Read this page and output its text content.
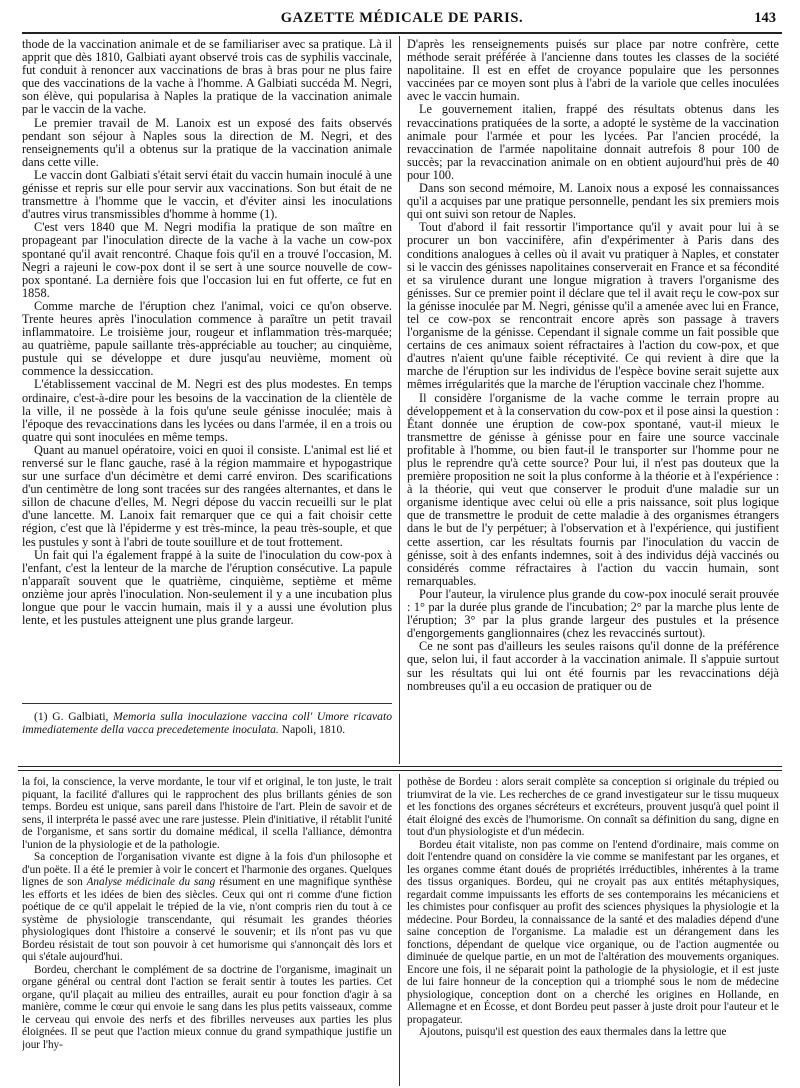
GAZETTE MÉDICALE DE PARIS.	143

thode de la vaccination animale et de se familiariser avec sa pratique. Là il apprit que dès 1810, Galbiati ayant observé trois cas de syphilis vaccinale, fut conduit à renoncer aux vaccinations de bras à bras pour ne plus faire que des vaccinations de la vache à l'homme. A Galbiati succéda M. Negri, son élève, qui popularisa à Naples la pratique de la vaccination animale par le vaccin de la vache.

Le premier travail de M. Lanoix est un exposé des faits observés pendant son séjour à Naples sous la direction de M. Negri, et des renseignements qu'il a obtenus sur la pratique de la vaccination animale dans cette ville.

Le vaccin dont Galbiati s'était servi était du vaccin humain inoculé à une génisse et repris sur elle pour servir aux vaccinations. Son but était de ne transmettre à l'homme que le vaccin, et d'éviter ainsi les inoculations d'autres virus transmissibles d'homme à homme (1).

C'est vers 1840 que M. Negri modifia la pratique de son maître en propageant par l'inoculation directe de la vache à la vache un cow-pox spontané qu'il avait rencontré. Chaque fois qu'il en a trouvé l'occasion, M. Negri a rajeuni le cow-pox dont il se sert à une source nouvelle de cow-pox spontané. La dernière fois que l'occasion lui en fut offerte, ce fut en 1858.

Comme marche de l'éruption chez l'animal, voici ce qu'on observe. Trente heures après l'inoculation commence à paraître un petit travail inflammatoire. Le troisième jour, rougeur et inflammation très-marquée; au quatrième, papule saillante très-appréciable au toucher; au cinquième, pustule qui se développe et dure jusqu'au neuvième, moment où commence la dessiccation.

L'établissement vaccinal de M. Negri est des plus modestes. En temps ordinaire, c'est-à-dire pour les besoins de la vaccination de la clientèle de la ville, il ne possède à la fois qu'une seule génisse inoculée; mais à l'époque des revaccinations dans les lycées ou dans l'armée, il en a trois ou quatre qui sont inoculées en même temps.

Quant au manuel opératoire, voici en quoi il consiste. L'animal est lié et renversé sur le flanc gauche, rasé à la région mammaire et hypogastrique sur une surface d'un décimètre et demi carré environ. Des scarifications d'un centimètre de long sont tracées sur des rangées alternantes, et dans le sillon de chacune d'elles, M. Negri dépose du vaccin recueilli sur le plat d'une lancette. M. Lanoix fait remarquer que ce qui a fait choisir cette région, c'est que là l'épiderme y est très-mince, la peau très-souple, et que les pustules y sont à l'abri de toute souillure et de tout frottement.

Un fait qui l'a également frappé à la suite de l'inoculation du cow-pox à l'enfant, c'est la lenteur de la marche de l'éruption consécutive. La papule n'apparaît souvent que le quatrième, cinquième, septième et même onzième jour après l'inoculation. Non-seulement il y a une incubation plus longue que pour le vaccin humain, mais il y a aussi une évolution plus lente, et les pustules atteignent une plus grande largeur.

(1) G. Galbiati, Memoria sulla inoculazione vaccina coll' Umore ricavato immediatemente della vacca precedetemente inoculata. Napoli, 1810.

D'après les renseignements puisés sur place par notre confrère, cette méthode serait préférée à l'ancienne dans toutes les classes de la société napolitaine. Il est en effet de croyance populaire que les personnes vaccinées par ce moyen sont plus à l'abri de la variole que celles inoculées avec le vaccin humain.

Le gouvernement italien, frappé des résultats obtenus dans les revaccinations pratiquées de la sorte, a adopté le système de la vaccination animale pour l'armée et pour les lycées. Par l'ancien procédé, la revaccination de l'armée napolitaine donnait autrefois 8 pour 100 de succès; par la revaccination animale on en obtient aujourd'hui près de 40 pour 100.

Dans son second mémoire, M. Lanoix nous a exposé les connaissances qu'il a acquises par une pratique personnelle, pendant les six premiers mois qui ont suivi son retour de Naples.

Tout d'abord il fait ressortir l'importance qu'il y avait pour lui à se procurer un bon vaccinifère, afin d'expérimenter à Paris dans des conditions analogues à celles où il avait vu pratiquer à Naples, et constater si le vaccin des génisses napolitaines conserverait en France et sa fécondité et sa virulence durant une longue migration à travers l'organisme des génisses. Sur ce premier point il déclare que tel il avait reçu le cow-pox sur la génisse inoculée par M. Negri, génisse qu'il a amenée avec lui en France, tel ce cow-pox se rencontrait encore après son passage à travers l'organisme de la génisse. Cependant il signale comme un fait possible que certains de ces animaux soient réfractaires à l'action du cow-pox, et que d'autres n'aient qu'une faible réceptivité. Ce qui revient à dire que la marche de l'éruption sur les individus de l'espèce bovine serait sujette aux mêmes irrégularités que la marche de l'éruption vaccinale chez l'homme.

Il considère l'organisme de la vache comme le terrain propre au développement et à la conservation du cow-pox et il pose ainsi la question : Étant donnée une éruption de cow-pox spontané, vaut-il mieux le transmettre de génisse à génisse pour en faire une source vaccinale profitable à l'homme, ou bien faut-il le transporter sur l'homme pour ne plus le reprendre qu'à cette source? Pour lui, il n'est pas douteux que la première proposition ne soit la plus conforme à la théorie et à l'expérience : à la théorie, qui veut que conserver le produit d'une maladie sur un organisme identique avec celui où elle a pris naissance, soit plus logique que de transmettre le produit de cette maladie à des organismes étrangers dans le but de l'y perpétuer; à l'observation et à l'expérience, qui justifient cette assertion, car les résultats fournis par l'inoculation du vaccin de génisse, soit à des enfants indemnes, soit à des individus déjà vaccinés ou considérés comme réfractaires à l'action du vaccin humain, sont remarquables.

Pour l'auteur, la virulence plus grande du cow-pox inoculé serait prouvée : 1° par la durée plus grande de l'incubation; 2° par la marche plus lente de l'éruption; 3° par la plus grande largeur des pustules et la présence d'engorgements ganglionnaires (chez les revaccinés surtout).

Ce ne sont pas d'ailleurs les seules raisons qu'il donne de la préférence que, selon lui, il faut accorder à la vaccination animale. Il s'appuie surtout sur les résultats qui lui ont été fournis par les revaccinations déjà nombreuses qu'il a eu occasion de pratiquer ou de

la foi, la conscience, la verve mordante, le tour vif et original, le ton juste, le trait piquant, la facilité d'allures qui le rapprochent des plus brillants génies de son temps. Bordeu est unique, sans pareil dans l'histoire de l'art. Plein de savoir et de sens, il interpréta le passé avec une rare justesse. Plein d'initiative, il rétablit l'unité de l'organisme, et sans sortir du domaine médical, il scella l'alliance, démontra l'union de la physiologie et de la pathologie.

Sa conception de l'organisation vivante est digne à la fois d'un philosophe et d'un poëte. Il a été le premier à voir le concert et l'harmonie des organes. Quelques lignes de son Analyse médicinale du sang résument en une magnifique synthèse les efforts et les idées de bien des siècles. Ceux qui ont ri comme d'une fiction poétique de ce qu'il appelait le trépied de la vie, n'ont compris rien du tout à ce système de physiologie transcendante, qui résumait les grandes théories physiologiques dont l'histoire a conservé le souvenir; et ils n'ont pas vu que Bordeu résistait de tout son pouvoir à cet humorisme qui s'annonçait dès lors et qui s'étale aujourd'hui.

Bordeu, cherchant le complément de sa doctrine de l'organisme, imaginait un organe général ou central dont l'action se ferait sentir à toutes les parties. Cet organe, qu'il plaçait au milieu des entrailles, aurait eu pour fonction d'agir à sa manière, comme le cœur qui envoie le sang dans les plus petits vaisseaux, comme le cerveau qui envoie des nerfs et des fibrilles nerveuses aux parties les plus éloignées. Il se peut que l'action mieux connue du grand sympathique justifie un jour l'hy-

pothèse de Bordeu : alors serait complète sa conception si originale du trépied ou triumvirat de la vie. Les recherches de ce grand investigateur sur le tissu muqueux et les fonctions des organes sécréteurs et excréteurs, prouvent jusqu'à quel point il était éloigné des excès de l'humorisme. On connaît sa définition du sang, digne en tout d'un physiologiste et d'un médecin.

Bordeu était vitaliste, non pas comme on l'entend d'ordinaire, mais comme on doit l'entendre quand on considère la vie comme se manifestant par les organes, et les organes comme étant doués de propriétés irréductibles, inhérentes à la trame des tissus organiques. Bordeu, qui ne croyait pas aux entités métaphysiques, regardait comme impuissants les efforts de ses contemporains les mécaniciens et les chimistes pour confisquer au profit des sciences physiques la physiologie et la médecine. Pour Bordeu, la connaissance de la santé et des maladies dépend d'une saine conception de l'organisme. La maladie est un dérangement dans les fonctions, dépendant de quelque vice organique, ou de l'action augmentée ou diminuée de quelque partie, en un mot de l'altération des mouvements organiques. Encore une fois, il ne séparait point la pathologie de la physiologie, et il est juste de lui faire honneur de la conception qui a triomphé sous le nom de médecine physiologique, conception dont on a cherché les origines en Hollande, en Allemagne et en Écosse, et dont Bordeu peut passer à juste droit pour l'auteur et le propagateur.

Ajoutons, puisqu'il est question des eaux thermales dans la lettre que
